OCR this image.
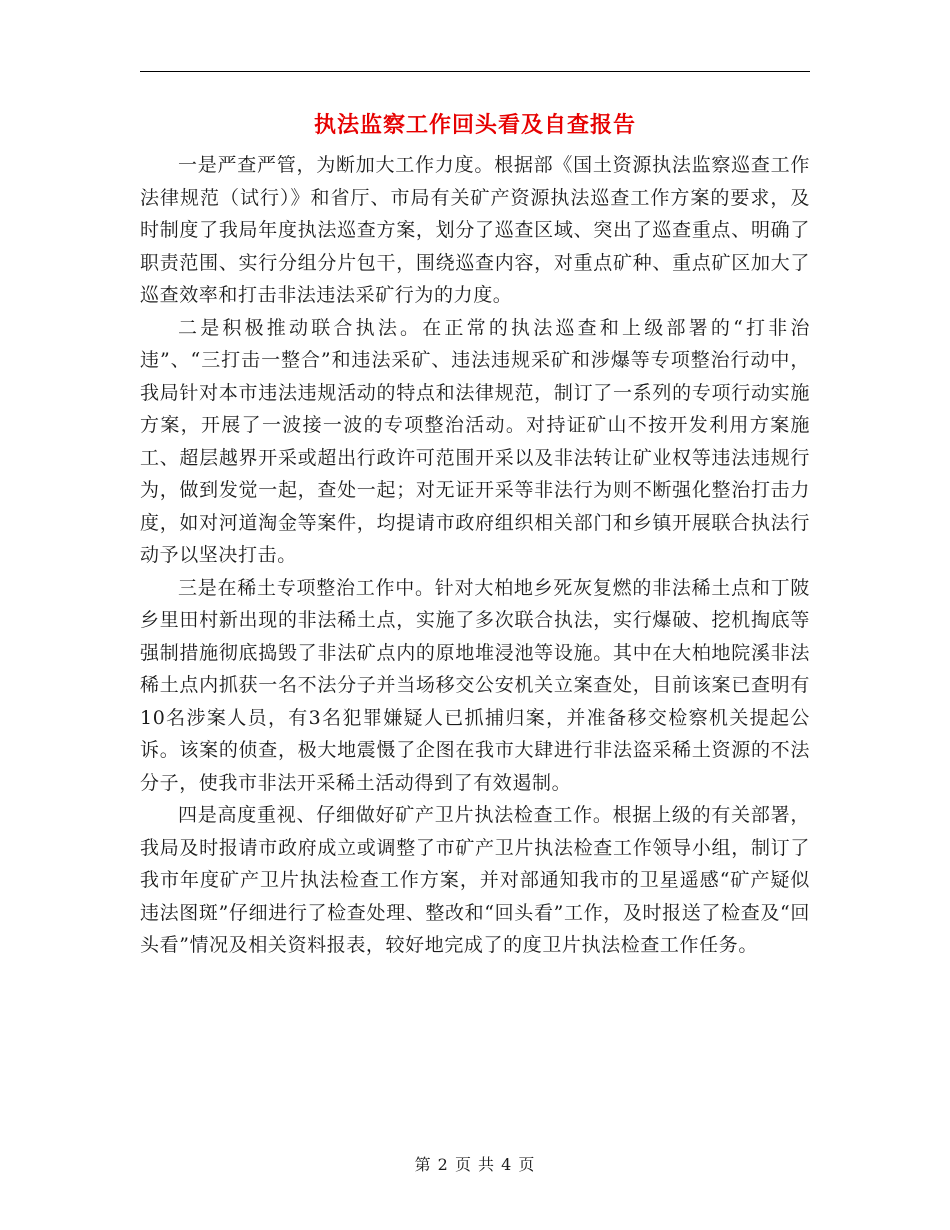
执法监察工作回头看及自查报告

一是严查严管，为断加大工作力度。根据部《国土资源执法监察巡查工作法律规范（试行）》和省厅、市局有关矿产资源执法巡查工作方案的要求，及时制度了我局年度执法巡查方案，划分了巡查区域、突出了巡查重点、明确了职责范围、实行分组分片包干，围绕巡查内容，对重点矿种、重点矿区加大了巡查效率和打击非法违法采矿行为的力度。

二是积极推动联合执法。在正常的执法巡查和上级部署的“打非治违”、“三打击一整合”和违法采矿、违法违规采矿和涉爆等专项整治行动中，我局针对本市违法违规活动的特点和法律规范，制订了一系列的专项行动实施方案，开展了一波接一波的专项整治活动。对持证矿山不按开发利用方案施工、超层越界开采或超出行政许可范围开采以及非法转让矿业权等违法违规行为，做到发觉一起，查处一起；对无证开采等非法行为则不断强化整治打击力度，如对河道淘金等案件，均提请市政府组织相关部门和乡镇开展联合执法行动予以坚决打击。

三是在稀土专项整治工作中。针对大柏地乡死灰复燃的非法稀土点和丁陂乡里田村新出现的非法稀土点，实施了多次联合执法，实行爆破、挖机掏底等强制措施彻底捣毁了非法矿点内的原地堆浸池等设施。其中在大柏地院溪非法稀土点内抓获一名不法分子并当场移交公安机关立案查处，目前该案已查明有10名涉案人员，有3名犯罪嫌疑人已抓捕归案，并准备移交检察机关提起公诉。该案的侦查，极大地震慑了企图在我市大肆进行非法盗采稀土资源的不法分子，使我市非法开采稀土活动得到了有效遏制。

四是高度重视、仔细做好矿产卫片执法检查工作。根据上级的有关部署，我局及时报请市政府成立或调整了市矿产卫片执法检查工作领导小组，制订了我市年度矿产卫片执法检查工作方案，并对部通知我市的卫星遥感“矿产疑似违法图斑”仔细进行了检查处理、整改和“回头看”工作，及时报送了检查及“回头看”情况及相关资料报表，较好地完成了的度卫片执法检查工作任务。

第 2 页 共 4 页
